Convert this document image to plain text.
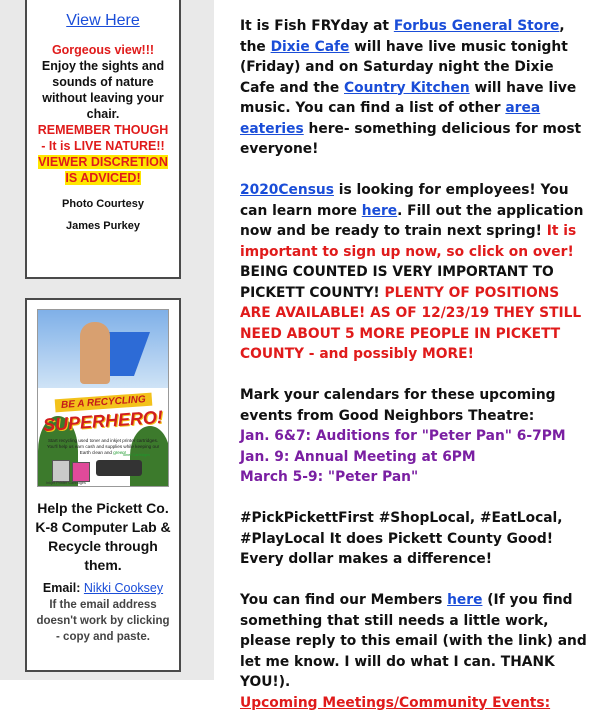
View Here
Gorgeous view!!!
Enjoy the sights and sounds of nature without leaving your chair.
REMEMBER THOUGH - It is LIVE NATURE!!
VIEWER DISCRETION IS ADVICED!
Photo Courtesy
James Purkey
BE A RECYCLING
SUPERHERO!
Start recycling used toner and inkjet printer cartridges.
You'll help us earn cash and supplies while keeping our Earth clean and green!
Inkjet Printer Cartridges
Toner Cartridges
Help the Pickett Co. K-8 Computer Lab & Recycle through them.
Email: Nikki Cooksey
If the email address doesn't work by clicking - copy and paste.

It is Fish FRYday at Forbus General Store, the Dixie Cafe will have live music tonight (Friday) and on Saturday night the Dixie Cafe and the Country Kitchen will have live music. You can find a list of other area eateries here- something delicious for most everyone!

2020Census is looking for employees! You can learn more here. Fill out the application now and be ready to train next spring! It is important to sign up now, so click on over! BEING COUNTED IS VERY IMPORTANT TO PICKETT COUNTY! PLENTY OF POSITIONS ARE AVAILABLE! AS OF 12/23/19 THEY STILL NEED ABOUT 5 MORE PEOPLE IN PICKETT COUNTY - and possibly MORE!

Mark your calendars for these upcoming events from Good Neighbors Theatre:
Jan. 6&7: Auditions for "Peter Pan" 6-7PM
Jan. 9: Annual Meeting at 6PM
March 5-9: "Peter Pan"

#PickPickettFirst #ShopLocal, #EatLocal, #PlayLocal It does Pickett County Good! Every dollar makes a difference!

You can find our Members here (If you find something that still needs a little work, please reply to this email (with the link) and let me know. I will do what I can. THANK YOU!).

Upcoming Meetings/Community Events:
